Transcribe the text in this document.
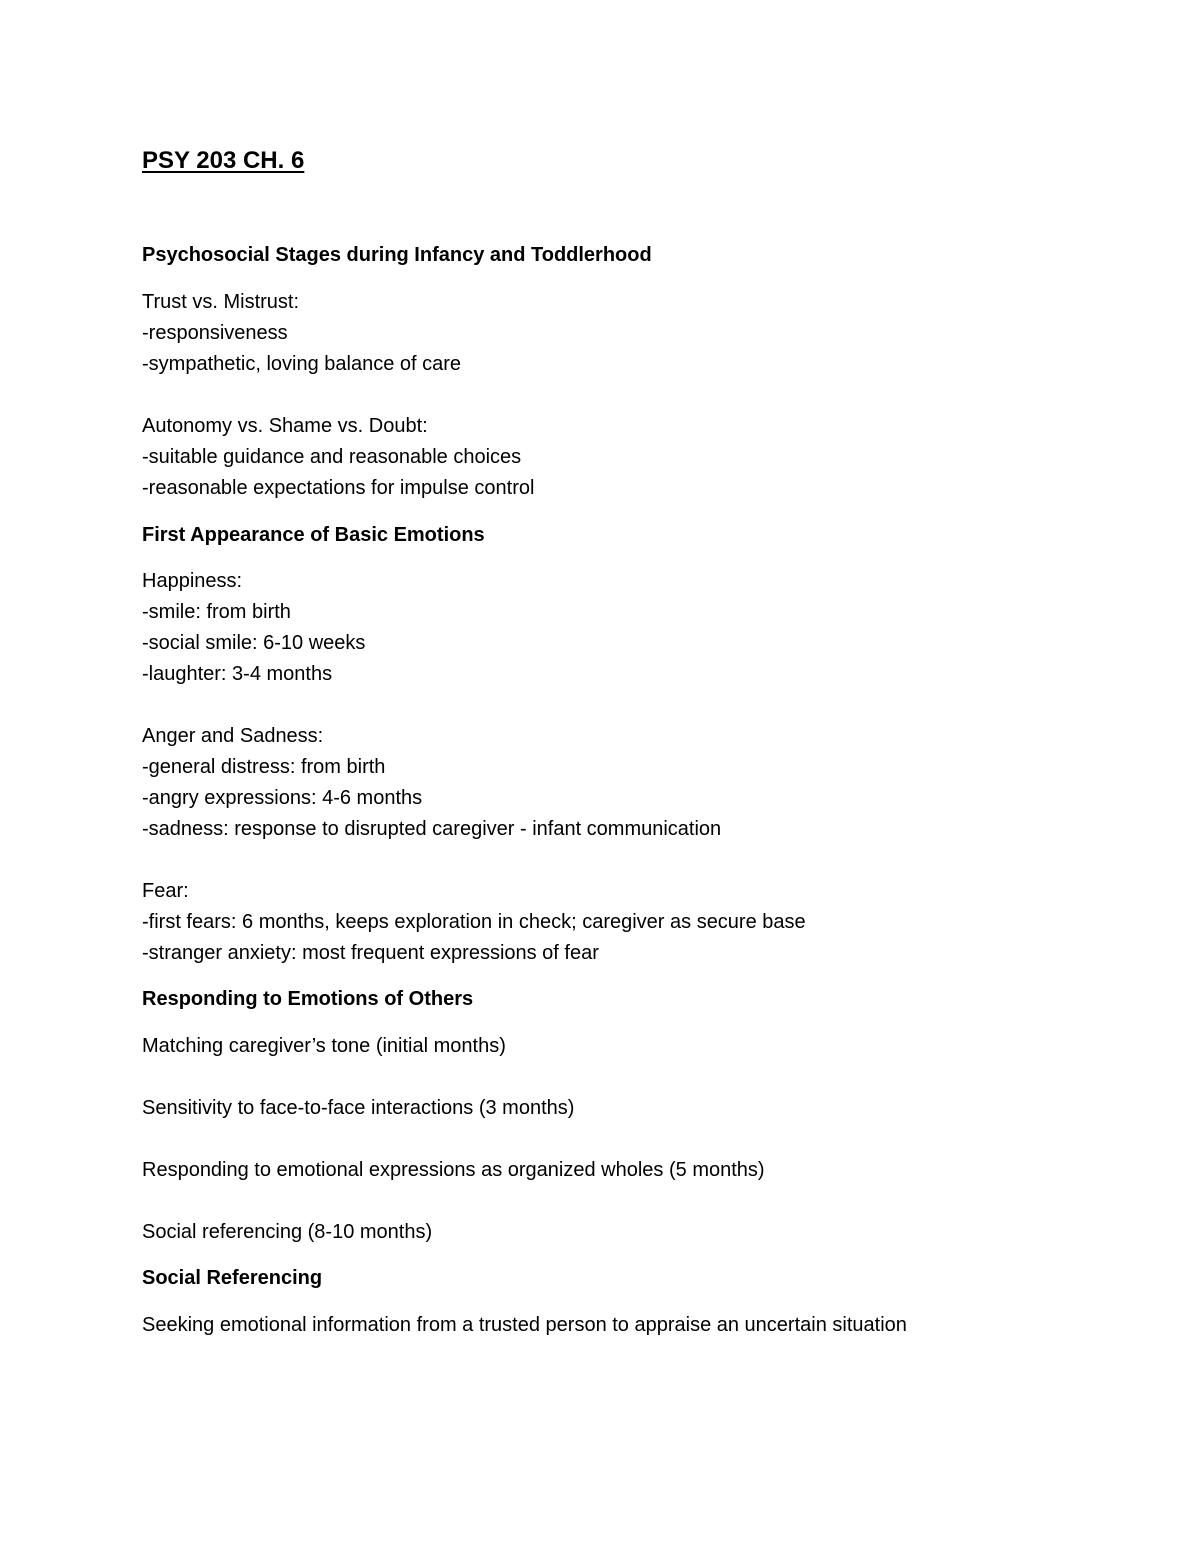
PSY 203 CH. 6
Psychosocial Stages during Infancy and Toddlerhood

Trust vs. Mistrust:

-responsiveness

-sympathetic, loving balance of care

Autonomy vs. Shame vs. Doubt:

-suitable guidance and reasonable choices

-reasonable expectations for impulse control

First Appearance of Basic Emotions

Happiness:

-smile: from birth

-social smile: 6-10 weeks

-laughter: 3-4 months

Anger and Sadness:

-general distress: from birth

-angry expressions: 4-6 months

-sadness: response to disrupted caregiver - infant communication

Fear:

-first fears: 6 months, keeps exploration in check; caregiver as secure base

-stranger anxiety: most frequent expressions of fear

Responding to Emotions of Others

Matching caregiver’s tone (initial months)

Sensitivity to face-to-face interactions (3 months)

Responding to emotional expressions as organized wholes (5 months)

Social referencing (8-10 months)

Social Referencing

Seeking emotional information from a trusted person to appraise an uncertain situation
